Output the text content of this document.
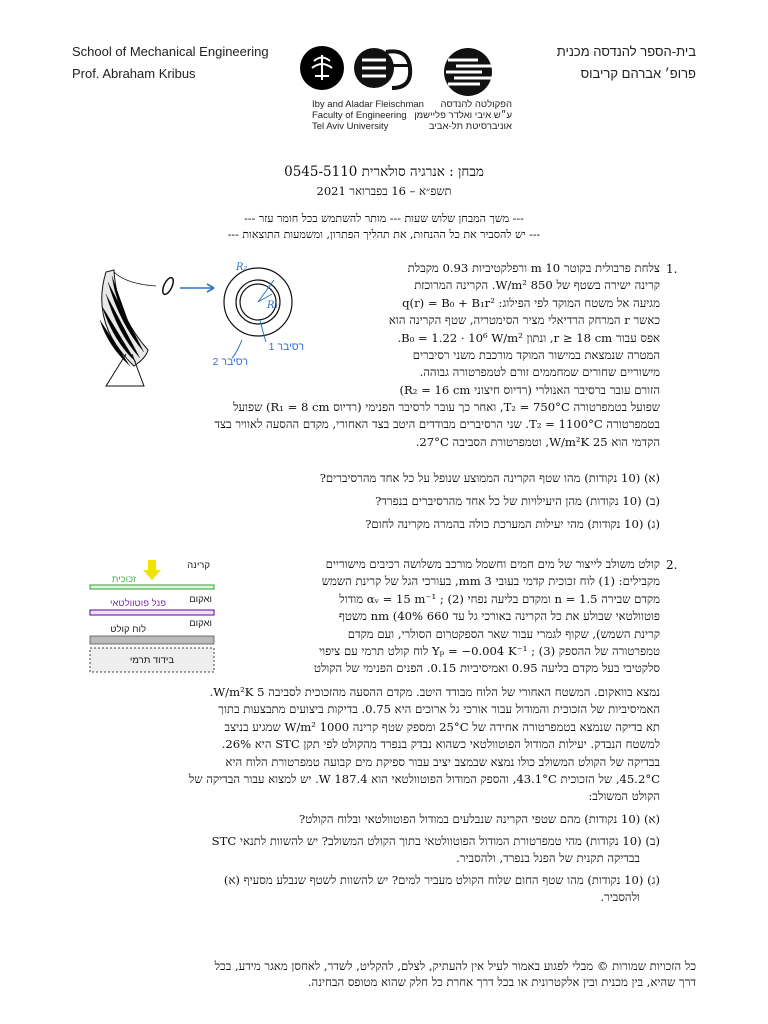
School of Mechanical Engineering
Prof. Abraham Kribus
בית-הספר להנדסה מכנית
פרופ׳ אברהם קריבוס
Iby and Aladar Fleischman
Faculty of Engineering
Tel Aviv University
הפקולטה להנדסה
ע״ש איבי ואלדר פליישמן
אוניברסיטת תל-אביב
מבחן : אנרגיה סולארית 0545-5110
תשפ״א – 16 בפברואר 2021
--- משך המבחן שלוש שעות --- מותר להשתמש בכל חומר עזר ---
--- יש להסביר את כל ההנחות, את תהליך הפתרון, ומשמעות התוצאות ---
R₂
R₁
רסיבר 1
רסיבר 2
1.
צלחת פרבולית בקוטר 10 m ורפלקטיביות 0.93 מקבלת
קרינה ישירה בשטף של 850 W/m². הקרינה המרוכזת
מגיעה אל משטח המוקד לפי הפילוג: q(r) = B₀ + B₁r²
כאשר r המרחק הרדיאלי מציר הסימטריה, שטף הקרינה הוא
אפס עבור r ≥ 18 cm, ונתון B₀ = 1.22 · 10⁶ W/m².
המטרה שנמצאת במישור המוקד מורכבת משני רסיברים
מישוריים שחורים שמחממים זורם לטמפרטורה גבוהה.
הזורם עובר ברסיבר האנולרי (רדיוס חיצוני R₂ = 16 cm)
שפועל בטמפרטורה T₂ = 750°C, ואחר כך עובר לרסיבר הפנימי (רדיוס R₁ = 8 cm) שפועל
בטמפרטורה T₂ = 1100°C. שני הרסיברים מבודדים היטב בצד האחורי, מקדם ההסעה לאוויר בצד
הקדמי הוא 25 W/m²K, וטמפרטורת הסביבה 27°C.
(א) (10 נקודות) מהו שטף הקרינה הממוצע שנופל על כל אחד מהרסיברים?
(ב) (10 נקודות) מהן היעילויות של כל אחד מהרסיברים בנפרד?
(ג) (10 נקודות) מהי יעילות המערכת כולה בהמרה מקרינה לחום?
קרינה
זכוכית
ואקום
פנל פוטוולטאי
ואקום
לוח קולט
בידוד תרמי
2.
קולט משולב לייצור של מים חמים וחשמל מורכב משלושה רכיבים מישוריים
מקבילים: (1) לוח זכוכית קדמי בעובי 3 mm, בעורכי הגל של קרינת השמש
מקדם שבירה n = 1.5 ומקדם בליעה נפחי αᵥ = 15 m⁻¹ ; (2) מודול
פוטוולטאי שבולע את כל הקרינה באורכי גל עד 660 nm (40% משטף
קרינת השמש), שקוף לגמרי עבור שאר הספקטרום הסולרי, ועם מקדם
טמפרטורה של ההספק Yₚ = −0.004 K⁻¹ ; (3) לוח קולט תרמי עם ציפוי
סלקטיבי בעל מקדם בליעה 0.95 ואמיסיביות 0.15. הפנים הפנימי של הקולט
נמצא בוואקום. המשטח האחורי של הלוח מבודד היטב. מקדם ההסעה מהזכוכית לסביבה 5 W/m²K.
האמיסיביות של הזכוכית והמודול עבור אורכי גל ארוכים היא 0.75. בדיקות ביצועים מתבצעות בתוך
תא בדיקה שנמצא בטמפרטורה אחידה של 25°C ומספק שטף קרינה 1000 W/m² שמגיע בניצב
למשטח הנבדק. יעילות המודול הפוטוולטאי כשהוא נבדק בנפרד מהקולט לפי תקן STC היא 26%.
בבדיקה של הקולט המשולב כולו נמצא שבמצב יציב עבור ספיקת מים קבועה טמפרטורת הלוח היא
45.2°C, של הזכוכית 43.1°C, והספק המודול הפוטוולטאי הוא 187.4 W. יש למצוא עבור הבדיקה של
הקולט המשולב:
(א) (10 נקודות) מהם שטפי הקרינה שנבלעים במודול הפוטוולטאי ובלוח הקולט?
(ב) (10 נקודות) מהי טמפרטורת המודול הפוטוולטאי בתוך הקולט המשולב? יש להשוות לתנאי STC
בבדיקה תקנית של הפנל בנפרד, ולהסביר.
(ג) (10 נקודות) מהו שטף החום שלוח הקולט מעביר למים? יש להשוות לשטף שנבלע מסעיף (א)
ולהסביר.
כל הזכויות שמורות © מבלי לפגוע באמור לעיל אין להעתיק, לצלם, להקליט, לשדר, לאחסן מאגר מידע, בכל
דרך שהיא, בין מכנית ובין אלקטרונית או בכל דרך אחרת כל חלק שהוא מטופס הבחינה.
